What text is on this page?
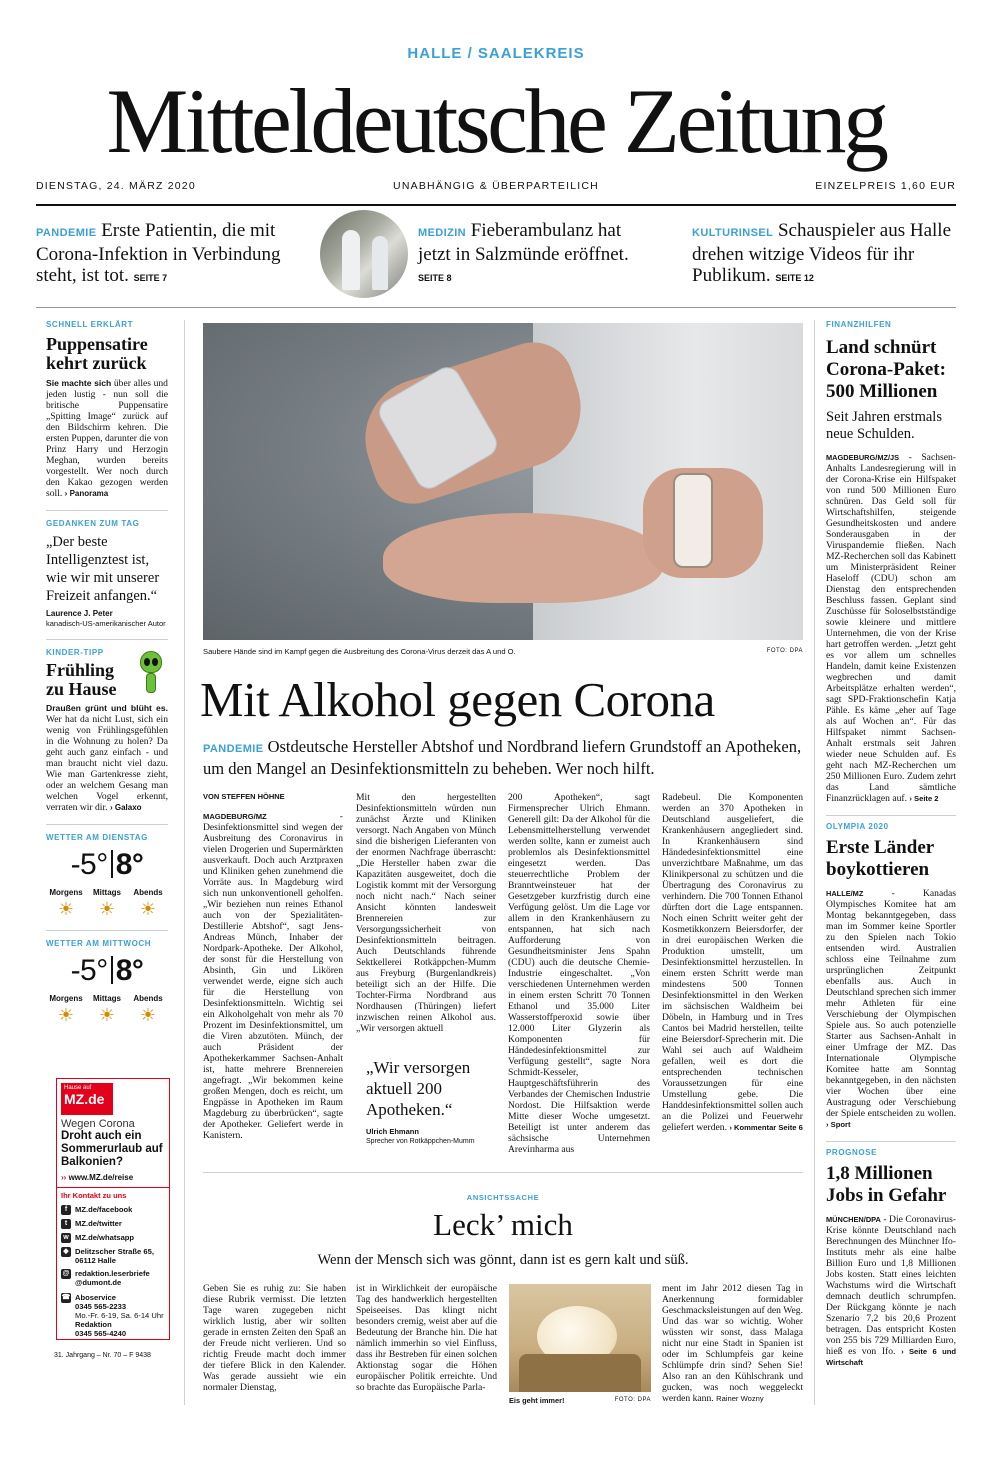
HALLE / SAALEKREIS
Mitteldeutsche Zeitung
DIENSTAG, 24. MÄRZ 2020	UNABHÄNGIG & ÜBERPARTEILICH	EINZELPREIS 1,60 EUR
PANDEMIE Erste Patientin, die mit Corona-Infektion in Verbindung steht, ist tot. SEITE 7
MEDIZIN Fieberambulanz hat jetzt in Salzmünde eröffnet. SEITE 8
KULTURINSEL Schauspieler aus Halle drehen witzige Videos für ihr Publikum. SEITE 12
SCHNELL ERKLÄRT
Puppensatire kehrt zurück

Sie machte sich über alles und jeden lustig - nun soll die britische Puppensatire „Spitting Image“ zurück auf den Bildschirm kehren. Die ersten Puppen, darunter die von Prinz Harry und Herzogin Meghan, wurden bereits vorgestellt. Wer noch durch den Kakao gezogen werden soll. › Panorama

GEDANKEN ZUM TAG
„Der beste Intelligenztest ist, wie wir mit unserer Freizeit anfangen.“
Laurence J. Peter
kanadisch-US-amerikanischer Autor
KINDER-TIPP
Frühling zu Hause

Draußen grünt und blüht es. Wer hat da nicht Lust, sich ein wenig von Frühlingsgefühlen in die Wohnung zu holen? Da geht auch ganz einfach - und man braucht nicht viel dazu. Wie man Gartenkresse zieht, oder an welchem Gesang man welchen Vogel erkennt, verraten wir dir. › Galaxo

WETTER AM DIENSTAG
-5° 8°
Morgens	Mittags	Abends
☀	☀	☀
WETTER AM MITTWOCH
-5° 8°
Morgens	Mittags	Abends
☀	☀	☀
Hause auf
MZ.de
Wegen Corona
Droht auch ein Sommerurlaub auf Balkonien?
›› www.MZ.de/reise
Ihr Kontakt zu uns
f	MZ.de/facebook
t	MZ.de/twitter
w MZ.de/whatsapp
◆ Delitzscher Straße 65, 06112 Halle
@ redaktion.leserbriefe @dumont.de
☎ Aboservice
0345 565-2233
Mo.-Fr. 6-19, Sa. 6-14 Uhr
Redaktion
0345 565-4240
31. Jahrgang – Nr. 70 – F 9438
Saubere Hände sind im Kampf gegen die Ausbreitung des Corona-Virus derzeit das A und O.	FOTO: DPA
Mit Alkohol gegen Corona
PANDEMIE Ostdeutsche Hersteller Abtshof und Nordbrand liefern Grundstoff an Apotheken, um den Mangel an Desinfektionsmitteln zu beheben. Wer noch hilft.
VON STEFFEN HÖHNE

MAGDEBURG/MZ	- Desinfektionsmittel sind wegen der Ausbreitung des Coronavirus in vielen Drogerien und Supermärkten ausverkauft. Doch auch Arztpraxen und Kliniken gehen zunehmend die Vorräte aus. In Magdeburg wird sich nun unkonventionell geholfen. „Wir beziehen nun reines Ethanol auch von der Spezialitäten-Destillerie Abtshof“, sagt Jens-Andreas Münch, Inhaber der Nordpark-Apotheke. Der Alkohol, der sonst für die Herstellung von Absinth, Gin und Likören verwendet werde, eigne sich auch für die Herstellung von Desinfektionsmitteln. Wichtig sei ein Alkoholgehalt von mehr als 70 Prozent im Desinfektionsmittel, um die Viren abzutöten. Münch, der auch Präsident der Apothekerkammer Sachsen-Anhalt ist, hatte mehrere Brennereien angefragt. „Wir bekommen keine großen Mengen, doch es reicht, um Engpässe in Apotheken im Raum Magdeburg zu überbrücken“, sagte der Apotheker. Geliefert werde in Kanistern.

Mit den hergestellten Desinfektionsmitteln würden nun zunächst Ärzte und Kliniken versorgt. Nach Angaben von Münch sind die bisherigen Lieferanten von der enormen Nachfrage überrascht: „Die Hersteller haben zwar die Kapazitäten ausgeweitet, doch die Logistik kommt mit der Versorgung noch nicht nach.“ Nach seiner Ansicht könnten landesweit Brennereien zur Versorgungssicherheit von Desinfektionsmitteln beitragen. Auch Deutschlands führende Sektkellerei Rotkäppchen-Mumm aus Freyburg (Burgenlandkreis) beteiligt sich an der Hilfe. Die Tochter-Firma Nordbrand aus Nordhausen (Thüringen) liefert inzwischen reinen Alkohol aus. „Wir versorgen aktuell

„Wir versorgen aktuell 200 Apotheken.“
Ulrich Ehmann
Sprecher von Rotkäppchen-Mumm

200 Apotheken“, sagt Firmensprecher Ulrich Ehmann. Generell gilt: Da der Alkohol für die Lebensmittelherstellung verwendet werden sollte, kann er zumeist auch problemlos als Desinfektionsmittel eingesetzt werden. Das steuerrechtliche Problem der Branntweinsteuer hat der Gesetzgeber kurzfristig durch eine Verfügung gelöst. Um die Lage vor allem in den Krankenhäusern zu entspannen, hat sich nach Aufforderung von Gesundheitsminister Jens Spahn (CDU) auch die deutsche Chemie-Industrie eingeschaltet. „Von verschiedenen Unternehmen werden in einem ersten Schritt 70 Tonnen Ethanol und 35.000 Liter Wasserstoffperoxid sowie über 12.000 Liter Glyzerin als Komponenten für Händedesinfektionsmittel zur Verfügung gestellt“, sagte Nora Schmidt-Kesseler, Hauptgeschäftsführerin des Verbandes der Chemischen Industrie Nordost. Die Hilfsaktion werde Mitte dieser Woche umgesetzt. Beteiligt ist unter anderem das sächsische Unternehmen Areviпharma aus

Radebeul. Die Komponenten werden an 370 Apotheken in Deutschland ausgeliefert, die Krankenhäusern angegliedert sind. In Krankenhäusern sind Händedesinfektionsmittel eine unverzichtbare Maßnahme, um das Klinikpersonal zu schützen und die Übertragung des Coronavirus zu verhindern. Die 700 Tonnen Ethanol dürften dort die Lage entspannen. Noch einen Schritt weiter geht der Kosmetikkonzern Beiersdorfer, der in drei europäischen Werken die Produktion umstellt, um Desinfektionsmittel herzustellen. In einem ersten Schritt werde man mindestens 500 Tonnen Desinfektionsmittel in den Werken im sächsischen Waldheim bei Döbeln, in Hamburg und in Tres Cantos bei Madrid herstellen, teilte eine Beiersdorf-Sprecherin mit. Die Wahl sei auch auf Waldheim gefallen, weil es dort die entsprechenden technischen Voraussetzungen für eine Umstellung gebe. Die Handdesinfektionsmittel sollen auch an die Polizei und Feuerwehr geliefert werden. › Kommentar Seite 6

FINANZHILFEN
Land schnürt Corona-Paket: 500 Millionen
Seit Jahren erstmals neue Schulden.

MAGDEBURG/MZ/JS - Sachsen-Anhalts Landesregierung will in der Corona-Krise ein Hilfspaket von rund 500 Millionen Euro schnüren. Das Geld soll für Wirtschaftshilfen, steigende Gesundheitskosten und andere Sonderausgaben in der Viruspandemie fließen. Nach MZ-Recherchen soll das Kabinett um Ministerpräsident Reiner Haseloff (CDU) schon am Dienstag den entsprechenden Beschluss fassen. Geplant sind Zuschüsse für Soloselbstständige sowie kleinere und mittlere Unternehmen, die von der Krise hart getroffen werden. „Jetzt geht es vor allem um schnelles Handeln, damit keine Existenzen wegbrechen und damit Arbeitsplätze erhalten werden“, sagt SPD-Fraktionschefin Katja Pähle. Es käme „eher auf Tage als auf Wochen an“. Für das Hilfspaket nimmt Sachsen-Anhalt erstmals seit Jahren wieder neue Schulden auf. Es geht nach MZ-Recherchen um 250 Millionen Euro. Zudem zehrt das Land sämtliche Finanzrücklagen auf. › Seite 2

OLYMPIA 2020
Erste Länder boykottieren

HALLE/MZ	- Kanadas Olympisches Komitee hat am Montag bekanntgegeben, dass man im Sommer keine Sportler zu den Spielen nach Tokio entsenden wird. Australien schloss eine Teilnahme zum ursprünglichen Zeitpunkt ebenfalls aus. Auch in Deutschland sprechen sich immer mehr Athleten für eine Verschiebung der Olympischen Spiele aus. So auch potenzielle Starter aus Sachsen-Anhalt in einer Umfrage der MZ. Das Internationale Olympische Komitee hatte am Sonntag bekanntgegeben, in den nächsten vier Wochen über eine Austragung oder Verschiebung der Spiele entscheiden zu wollen. › Sport

PROGNOSE
1,8 Millionen Jobs in Gefahr

MÜNCHEN/DPA - Die Coronavirus-Krise könnte Deutschland nach Berechnungen des Münchner Ifo-Instituts mehr als eine halbe Billion Euro und 1,8 Millionen Jobs kosten. Statt eines leichten Wachstums wird die Wirtschaft demnach deutlich schrumpfen. Der Rückgang könnte je nach Szenario 7,2 bis 20,6 Prozent betragen. Das entspricht Kosten von 255 bis 729 Milliarden Euro, hieß es von Ifo. › Seite 6 und Wirtschaft

ANSICHTSSACHE
Leck’ mich
Wenn der Mensch sich was gönnt, dann ist es gern kalt und süß.

Geben Sie es ruhig zu: Sie haben diese Rubrik vermisst. Die letzten Tage waren zugegeben nicht wirklich lustig, aber wir sollten gerade in ernsten Zeiten den Spaß an der Freude nicht verlieren. Und so richtig Freude macht doch immer der tiefere Blick in den Kalender. Was gerade aussieht wie ein normaler Dienstag,

ist in Wirklichkeit der europäische Tag des handwerklich hergestellten Speiseeises. Das klingt nicht besonders cremig, weist aber auf die Bedeutung der Branche hin. Die hat nämlich immerhin so viel Einfluss, dass ihr Bestreben für einen solchen Aktionstag sogar die Höhen europäischer Politik erreichte. Und so brachte das Europäische Parla-

Eis geht immer!	FOTO: DPA

ment im Jahr 2012 diesen Tag in Anerkennung formidabler Geschmacksleistungen auf den Weg. Und das war so wichtig. Woher wüssten wir sonst, dass Malaga nicht nur eine Stadt in Spanien ist oder im Schlumpfeis gar keine Schlümpfe drin sind? Sehen Sie! Also ran an den Kühlschrank und gucken, was noch weggeleckt werden kann. Rainer Wozny
